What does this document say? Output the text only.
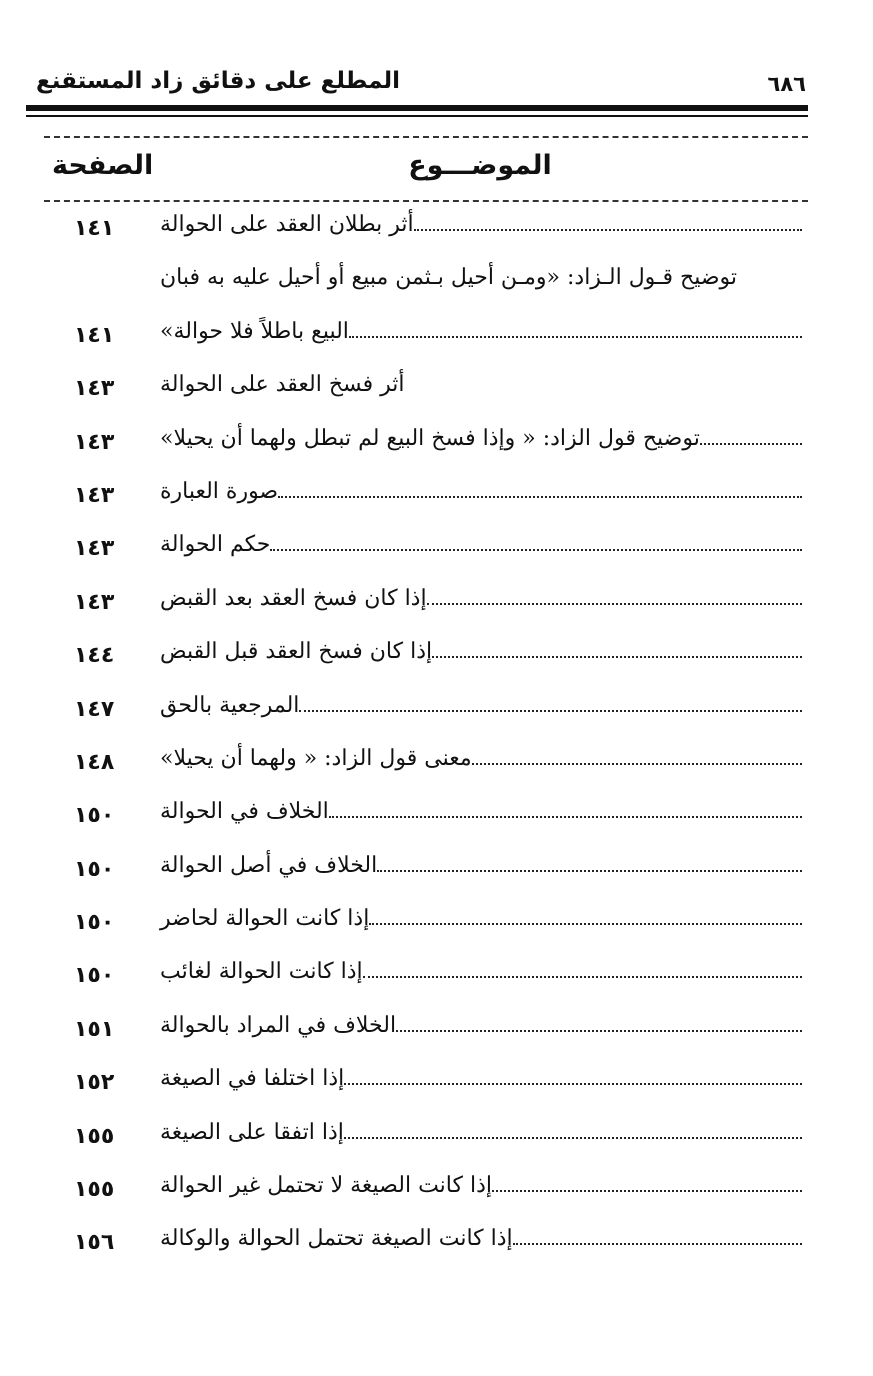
٦٨٦
المطلع على دقائق زاد المستقنع
الموضـــوع
الصفحة
أثر بطلان العقد على الحوالة
١٤١
توضيح قـول الـزاد: «ومـن أحيل بـثمن مبيع أو أحيل عليه به فبان
البيع باطلاً فلا حوالة»
١٤١
أثر فسخ العقد على الحوالة
١٤٣
توضيح قول الزاد: « وإذا فسخ البيع لم تبطل ولهما أن يحيلا»
١٤٣
صورة العبارة
١٤٣
حكم الحوالة
١٤٣
إذا كان فسخ العقد بعد القبض
١٤٣
إذا كان فسخ العقد قبل القبض
١٤٤
المرجعية بالحق
١٤٧
معنى قول الزاد: « ولهما أن يحيلا»
١٤٨
الخلاف في الحوالة
١٥٠
الخلاف في أصل الحوالة
١٥٠
إذا كانت الحوالة لحاضر
١٥٠
إذا كانت الحوالة لغائب
١٥٠
الخلاف في المراد بالحوالة
١٥١
إذا اختلفا في الصيغة
١٥٢
إذا اتفقا على الصيغة
١٥٥
إذا كانت الصيغة لا تحتمل غير الحوالة
١٥٥
إذا كانت الصيغة تحتمل الحوالة والوكالة
١٥٦
